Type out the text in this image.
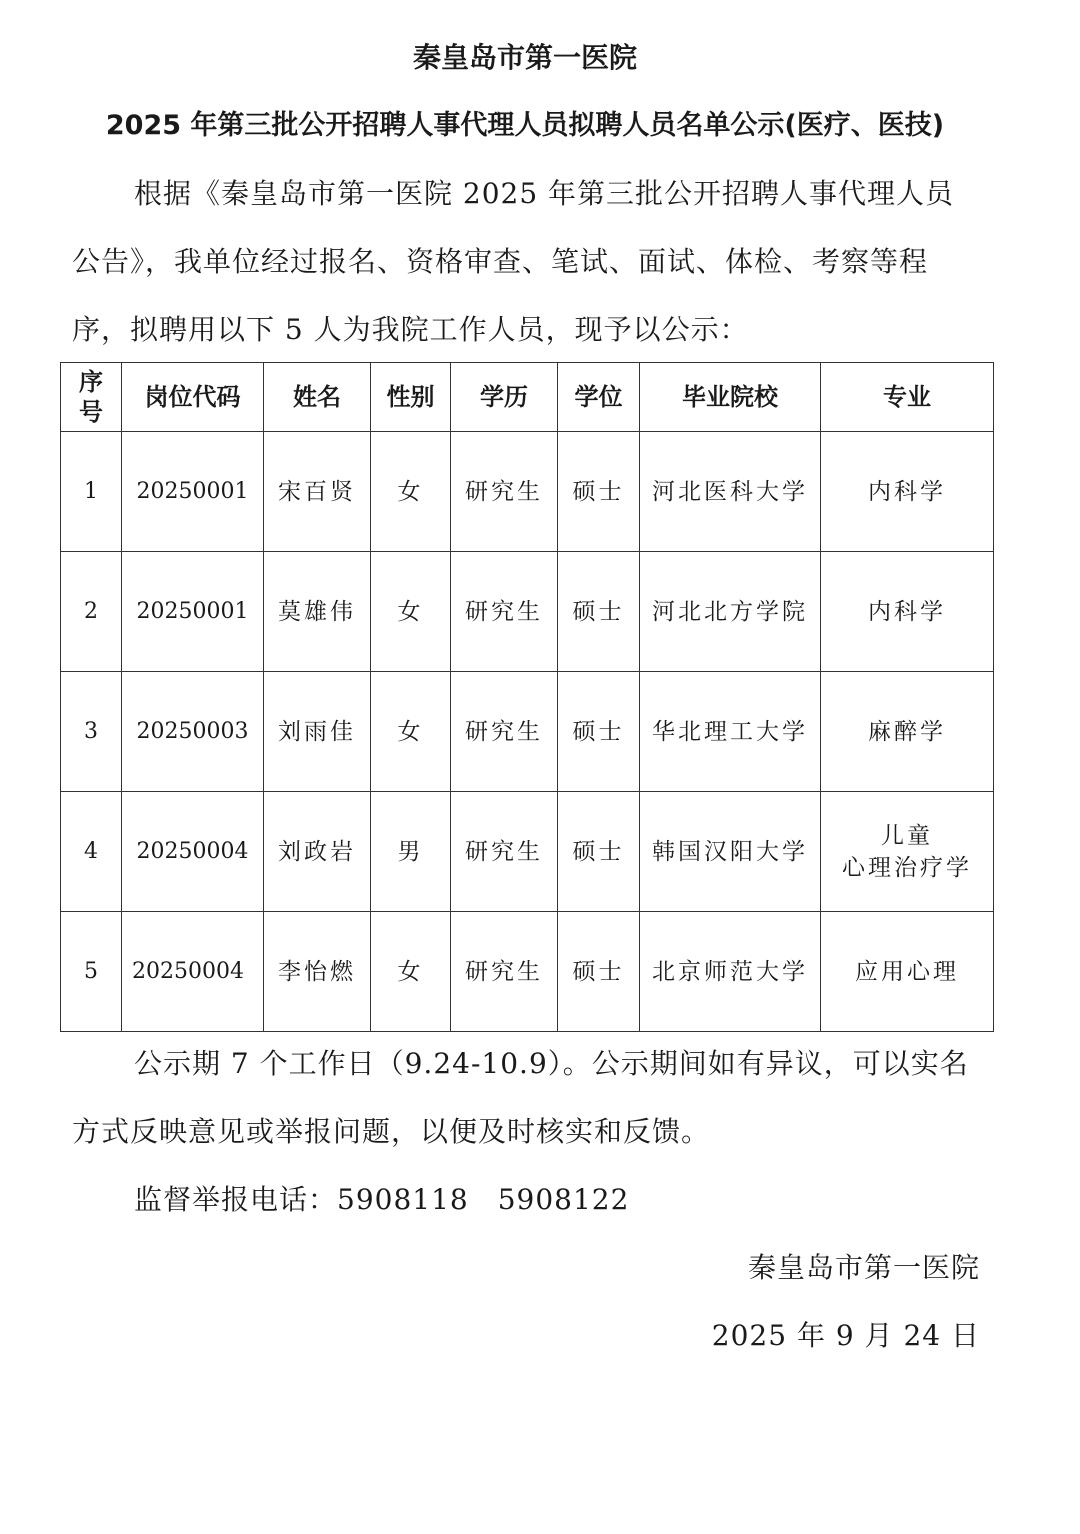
秦皇岛市第一医院
2025 年第三批公开招聘人事代理人员拟聘人员名单公示(医疗、医技)

根据《秦皇岛市第一医院 2025 年第三批公开招聘人事代理人员公告》，我单位经过报名、资格审查、笔试、面试、体检、考察等程序，拟聘用以下 5 人为我院工作人员，现予以公示：

序号	岗位代码	姓名	性别	学历	学位	毕业院校	专业
1	20250001	宋百贤	女	研究生	硕士	河北医科大学	内科学
2	20250001	莫雄伟	女	研究生	硕士	河北北方学院	内科学
3	20250003	刘雨佳	女	研究生	硕士	华北理工大学	麻醉学
4	20250004	刘政岩	男	研究生	硕士	韩国汉阳大学	儿童
心理治疗学
5	20250004	李怡燃	女	研究生	硕士	北京师范大学	应用心理

公示期 7 个工作日（9.24-10.9）。公示期间如有异议，可以实名方式反映意见或举报问题，以便及时核实和反馈。

监督举报电话：5908118　5908122

秦皇岛市第一医院
2025 年 9 月 24 日
